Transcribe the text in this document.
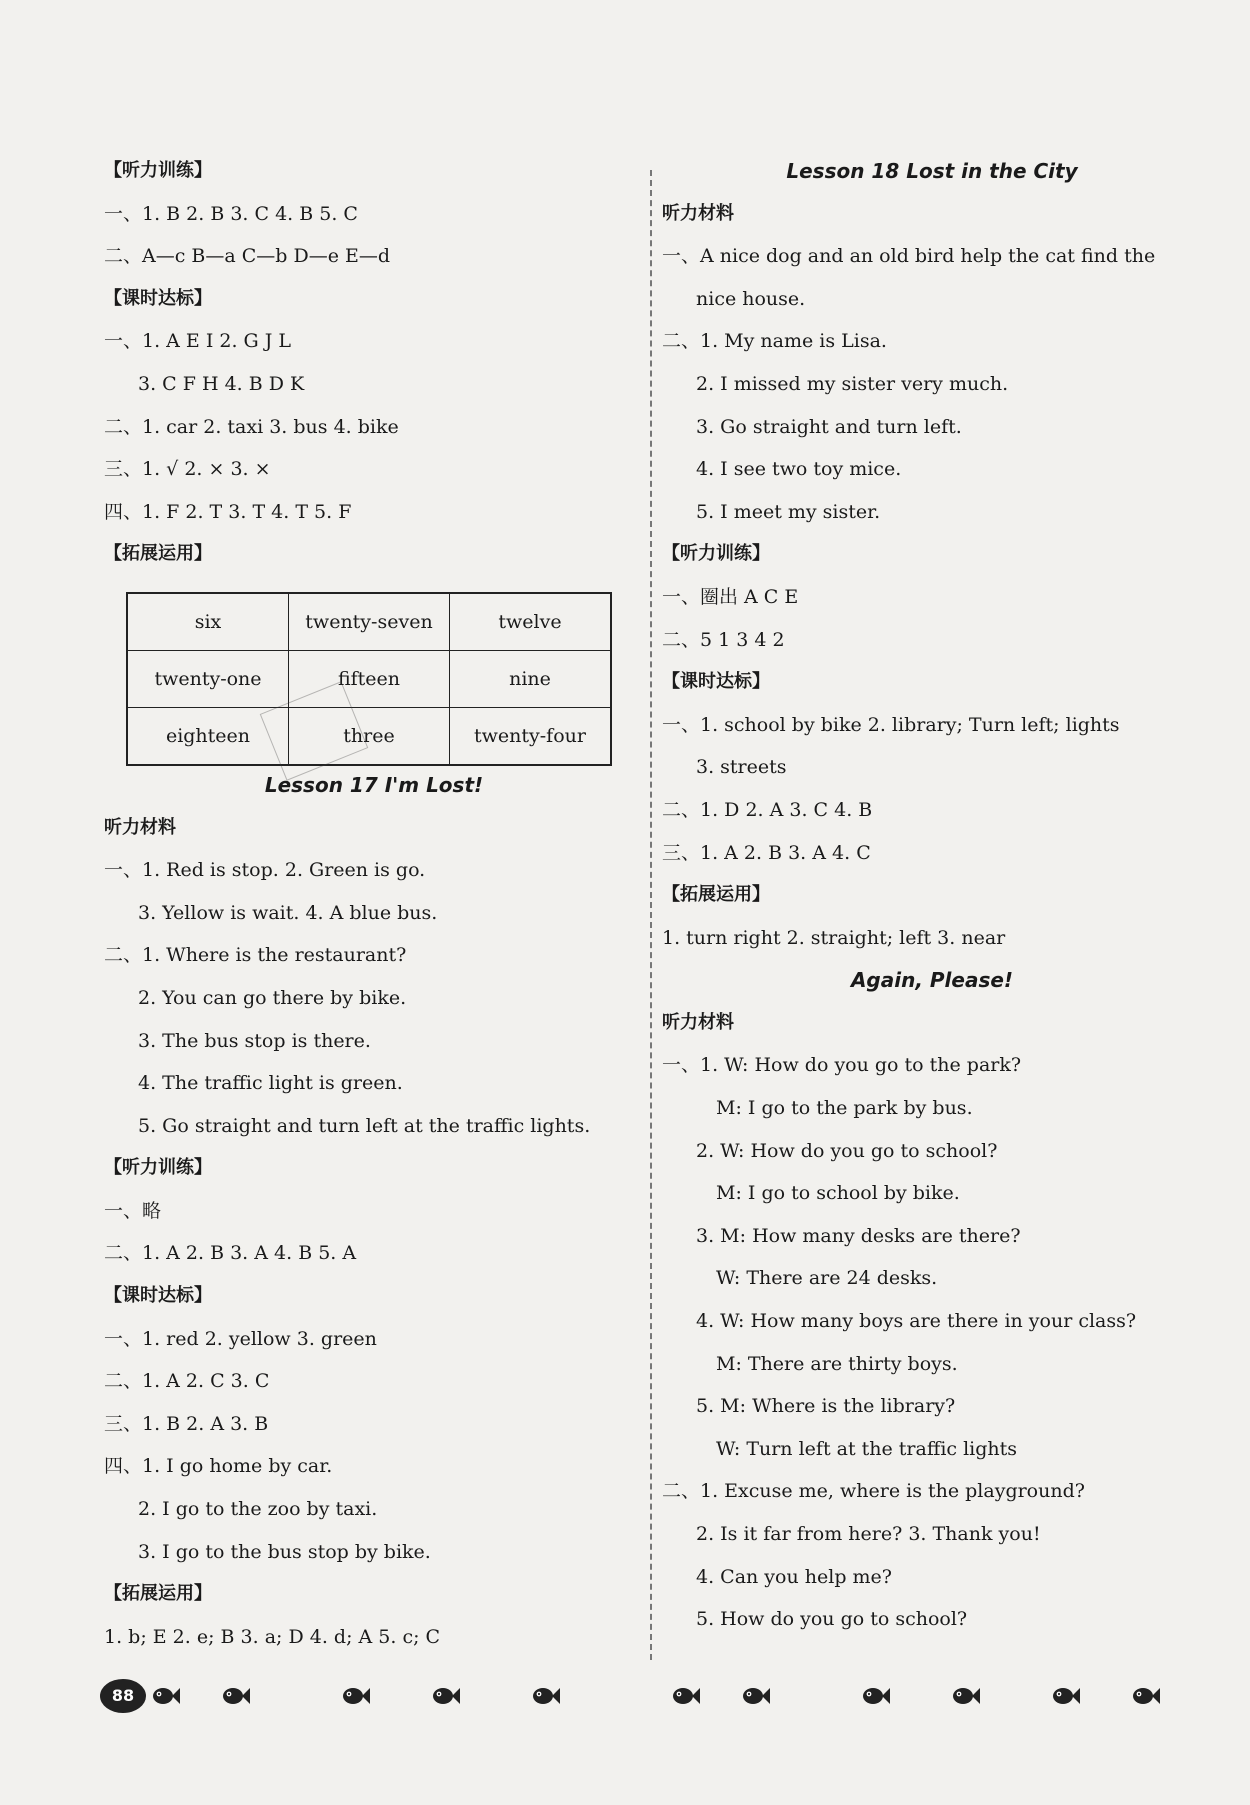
【听力训练】
一、1. B 2. B 3. C 4. B 5. C
二、A—c B—a C—b D—e E—d
【课时达标】
一、1. A E I 2. G J L
3. C F H 4. B D K
二、1. car 2. taxi 3. bus 4. bike
三、1. √ 2. × 3. ×
四、1. F 2. T 3. T 4. T 5. F
【拓展运用】
six	twenty-seven	twelve
twenty-one	fifteen	nine
eighteen	three	twenty-four
Lesson 17 I'm Lost!
听力材料
一、1. Red is stop. 2. Green is go.
3. Yellow is wait. 4. A blue bus.
二、1. Where is the restaurant?
2. You can go there by bike.
3. The bus stop is there.
4. The traffic light is green.
5. Go straight and turn left at the traffic lights.
【听力训练】
一、略
二、1. A 2. B 3. A 4. B 5. A
【课时达标】
一、1. red 2. yellow 3. green
二、1. A 2. C 3. C
三、1. B 2. A 3. B
四、1. I go home by car.
2. I go to the zoo by taxi.
3. I go to the bus stop by bike.
【拓展运用】
1. b; E 2. e; B 3. a; D 4. d; A 5. c; C
Lesson 18 Lost in the City
听力材料
一、A nice dog and an old bird help the cat find the
nice house.
二、1. My name is Lisa.
2. I missed my sister very much.
3. Go straight and turn left.
4. I see two toy mice.
5. I meet my sister.
【听力训练】
一、圈出 A C E
二、5 1 3 4 2
【课时达标】
一、1. school by bike 2. library; Turn left; lights
3. streets
二、1. D 2. A 3. C 4. B
三、1. A 2. B 3. A 4. C
【拓展运用】
1. turn right 2. straight; left 3. near
Again, Please!
听力材料
一、1. W: How do you go to the park?
M: I go to the park by bus.
2. W: How do you go to school?
M: I go to school by bike.
3. M: How many desks are there?
W: There are 24 desks.
4. W: How many boys are there in your class?
M: There are thirty boys.
5. M: Where is the library?
W: Turn left at the traffic lights
二、1. Excuse me, where is the playground?
2. Is it far from here? 3. Thank you!
4. Can you help me?
5. How do you go to school?
88
